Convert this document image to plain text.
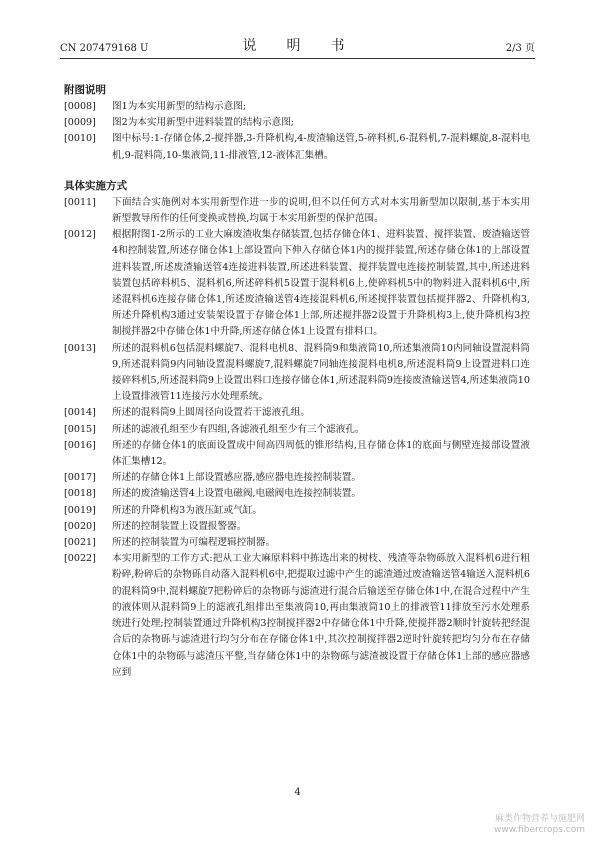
CN 207479168 U	说　明　书	2/3 页
附图说明

[0008] 图1为本实用新型的结构示意图;

[0009] 图2为本实用新型中进料装置的结构示意图;

[0010] 图中标号:1-存储仓体,2-搅拌器,3-升降机构,4-废渣输送管,5-碎料机,6-混料机,7-混料螺旋,8-混料电机,9-混料筒,10-集液筒,11-排液管,12-液体汇集槽。

具体实施方式

[0011] 下面结合实施例对本实用新型作进一步的说明,但不以任何方式对本实用新型加以限制,基于本实用新型教导所作的任何变换或替换,均属于本实用新型的保护范围。

[0012] 根据附图1-2所示的工业大麻废渣收集存储装置,包括存储仓体1、进料装置、搅拌装置、废渣输送管4和控制装置,所述存储仓体1上部设置向下伸入存储仓体1内的搅拌装置,所述存储仓体1的上部设置进料装置,所述废渣输送管4连接进料装置,所述进料装置、搅拌装置电连接控制装置,其中,所述进料装置包括碎料机5、混料机6,所述碎料机5设置于混料机6上,使碎料机5中的物料进入混料机6中,所述混料机6连接存储仓体1,所述废渣输送管4连接混料机6,所述搅拌装置包括搅拌器2、升降机构3,所述升降机构3通过安装架设置于存储仓体1上部,所述搅拌器2设置于升降机构3上,使升降机构3控制搅拌器2中存储仓体1中升降,所述存储仓体1上设置有排料口。

[0013] 所述的混料机6包括混料螺旋7、混料电机8、混料筒9和集液筒10,所述集液筒10内同轴设置混料筒9,所述混料筒9内同轴设置混料螺旋7,混料螺旋7同轴连接混料电机8,所述混料筒9上设置进料口连接碎料机5,所述混料筒9上设置出料口连接存储仓体1,所述混料筒9连接废渣输送管4,所述集液筒10上设置排液管11连接污水处理系统。

[0014] 所述的混料筒9上圆周径向设置若干滤液孔组。

[0015] 所述的滤液孔组至少有四组,各滤液孔组至少有三个滤液孔。

[0016] 所述的存储仓体1的底面设置成中间高四周低的锥形结构,且存储仓体1的底面与侧壁连接部设置液体汇集槽12。

[0017] 所述的存储仓体1上部设置感应器,感应器电连接控制装置。

[0018] 所述的废渣输送管4上设置电磁阀,电磁阀电连接控制装置。

[0019] 所述的升降机构3为液压缸或气缸。

[0020] 所述的控制装置上设置报警器。

[0021] 所述的控制装置为可编程逻辑控制器。

[0022] 本实用新型的工作方式:把从工业大麻原料料中拣选出来的树枝、残渣等杂物砾放入混料机6进行粗粉碎,粉碎后的杂物砾自动落入混料机6中,把提取过滤中产生的滤渣通过废渣输送管4输送入混料机6的混料筒9中,混料螺旋7把粉碎后的杂物砾与滤渣进行混合后输送至存储仓体1中,在混合过程中产生的液体则从混料筒9上的滤液孔组排出至集液筒10,再由集液筒10上的排液管11排放至污水处理系统进行处理;控制装置通过升降机构3控制搅拌器2中存储仓体1中升降,使搅拌器2顺时针旋转把经混合后的杂物砾与滤渣进行均匀分布在存储仓体1中,其次控制搅拌器2逆时针旋转把均匀分布在存储仓体1中的杂物砾与滤渣压平整,当存储仓体1中的杂物砾与滤渣被设置于存储仓体1上部的感应器感应到

4
麻类作物营养与施肥网
www.fibercrops.com
